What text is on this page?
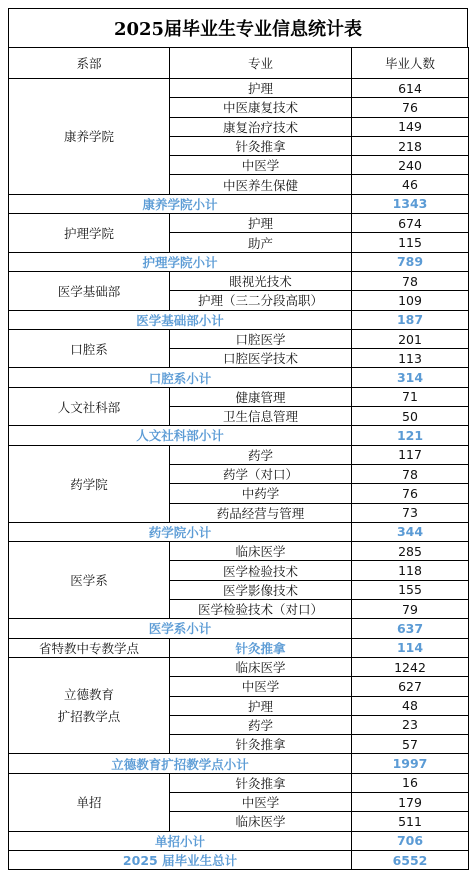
2025届毕业生专业信息统计表
系部	专业	毕业人数
康养学院	护理	614
	中医康复技术	76
	康复治疗技术	149
	针灸推拿	218
	中医学	240
	中医养生保健	46
康养学院小计		1343
护理学院	护理	674
	助产	115
护理学院小计		789
医学基础部	眼视光技术	78
	护理（三二分段高职）	109
医学基础部小计		187
口腔系	口腔医学	201
	口腔医学技术	113
口腔系小计		314
人文社科部	健康管理	71
	卫生信息管理	50
人文社科部小计		121
药学院	药学	117
	药学（对口）	78
	中药学	76
	药品经营与管理	73
药学院小计		344
医学系	临床医学	285
	医学检验技术	118
	医学影像技术	155
	医学检验技术（对口）	79
医学系小计		637
省特教中专教学点	针灸推拿	114

立德教育
扩招教学点	临床医学	1242
	中医学	627
	护理	48
	药学	23
	针灸推拿	57
立德教育扩招教学点小计		1997
单招	针灸推拿	16
	中医学	179
	临床医学	511
单招小计		706
2025 届毕业生总计		6552
